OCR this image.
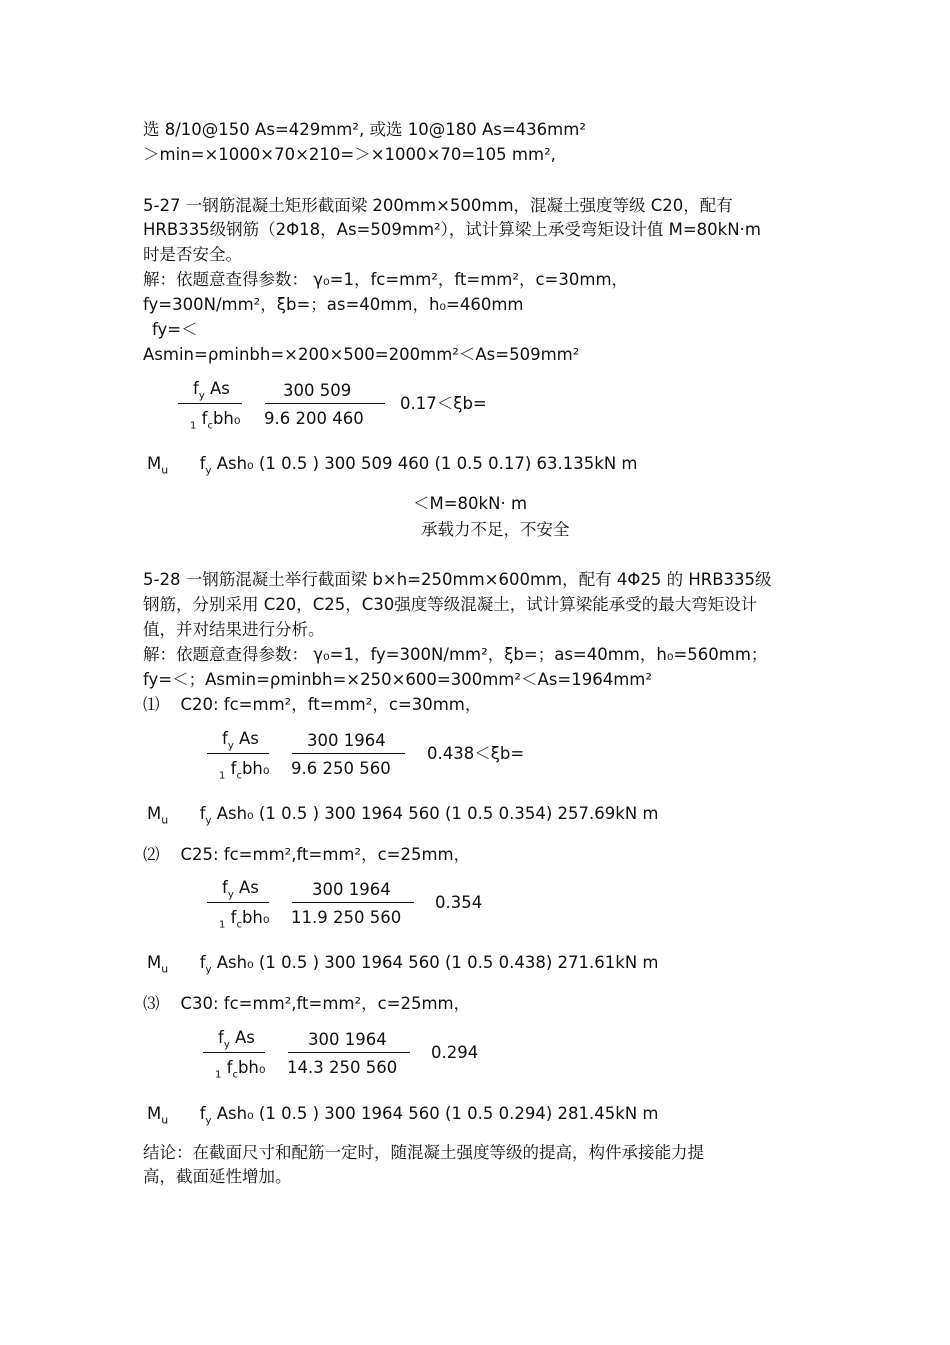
选 8/10@150 As=429mm², 或选 10@180 As=436mm²
＞min=×1000×70×210=＞×1000×70=105 mm²,
5-27 一钢筋混凝土矩形截面梁 200mm×500mm，混凝土强度等级 C20，配有
HRB335级钢筋（2Φ18，As=509mm²），试计算梁上承受弯矩设计值 M=80kN·m
时是否安全。
解：依题意查得参数： γ₀=1，fc=mm²，ft=mm²，c=30mm，
fy=300N/mm²，ξb=；as=40mm，h₀=460mm
fy=＜
Asmin=ρminbh=×200×500=200mm²＜As=509mm²
$f_y$ As
$_1$ $f_cbh_0$
300 509
9.6 200 460
0.17＜ξb=
$M_u$ $f_y$ Ash₀ (1 0.5 ) 300 509 460 (1 0.5 0.17) 63.135kN m
＜M=80kN· m
承载力不足，不安全
5-28 一钢筋混凝土举行截面梁 b×h=250mm×600mm，配有 4Φ25 的 HRB335级
钢筋，分别采用 C20，C25，C30强度等级混凝土，试计算梁能承受的最大弯矩设计
值，并对结果进行分析。
解：依题意查得参数： γ₀=1，fy=300N/mm²，ξb=；as=40mm，h₀=560mm；
fy=＜；Asmin=ρminbh=×250×600=300mm²＜As=1964mm²
⑴ C20: fc=mm²，ft=mm²，c=30mm，
$f_y$ As
$_1$ $f_cbh_0$
300 1964
9.6 250 560
0.438＜ξb=
$M_u$ $f_y$ Ash₀ (1 0.5 ) 300 1964 560 (1 0.5 0.354) 257.69kN m
⑵ C25: fc=mm²,ft=mm²，c=25mm，
$f_y$ As
$_1$ $f_cbh_0$
300 1964
11.9 250 560
0.354
$M_u$ $f_y$ Ash₀ (1 0.5 ) 300 1964 560 (1 0.5 0.438) 271.61kN m
⑶ C30: fc=mm²,ft=mm²，c=25mm，
$f_y$ As
$_1$ $f_cbh_0$
300 1964
14.3 250 560
0.294
$M_u$ $f_y$ Ash₀ (1 0.5 ) 300 1964 560 (1 0.5 0.294) 281.45kN m
结论：在截面尺寸和配筋一定时，随混凝土强度等级的提高，构件承接能力提
高，截面延性增加。
